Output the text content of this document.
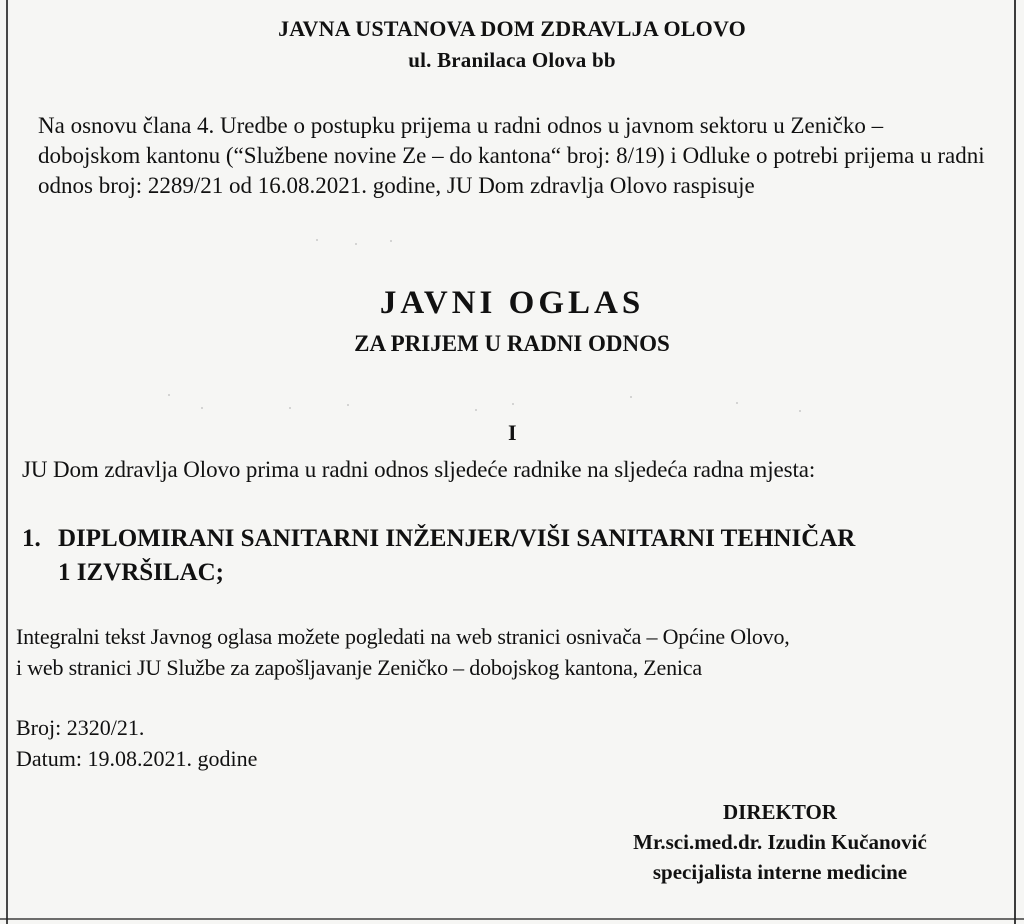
JAVNA USTANOVA DOM ZDRAVLJA OLOVO
ul. Branilaca Olova bb
Na osnovu člana 4. Uredbe o postupku prijema u radni odnos u javnom sektoru u Zeničko – dobojskom kantonu (“Službene novine Ze – do kantona“ broj: 8/19) i Odluke o potrebi prijema u radni odnos broj: 2289/21 od 16.08.2021. godine, JU Dom zdravlja Olovo raspisuje
JAVNI OGLAS
ZA PRIJEM U RADNI ODNOS
I
JU Dom zdravlja Olovo prima u radni odnos sljedeće radnike na sljedeća radna mjesta:
1. DIPLOMIRANI SANITARNI INŽENJER/VIŠI SANITARNI TEHNIČAR
1 IZVRŠILAC;
Integralni tekst Javnog oglasa možete pogledati na web stranici osnivača – Općine Olovo,
i web stranici JU Službe za zapošljavanje Zeničko – dobojskog kantona, Zenica
Broj: 2320/21.
Datum: 19.08.2021. godine
DIREKTOR
Mr.sci.med.dr. Izudin Kučanović
specijalista interne medicine
